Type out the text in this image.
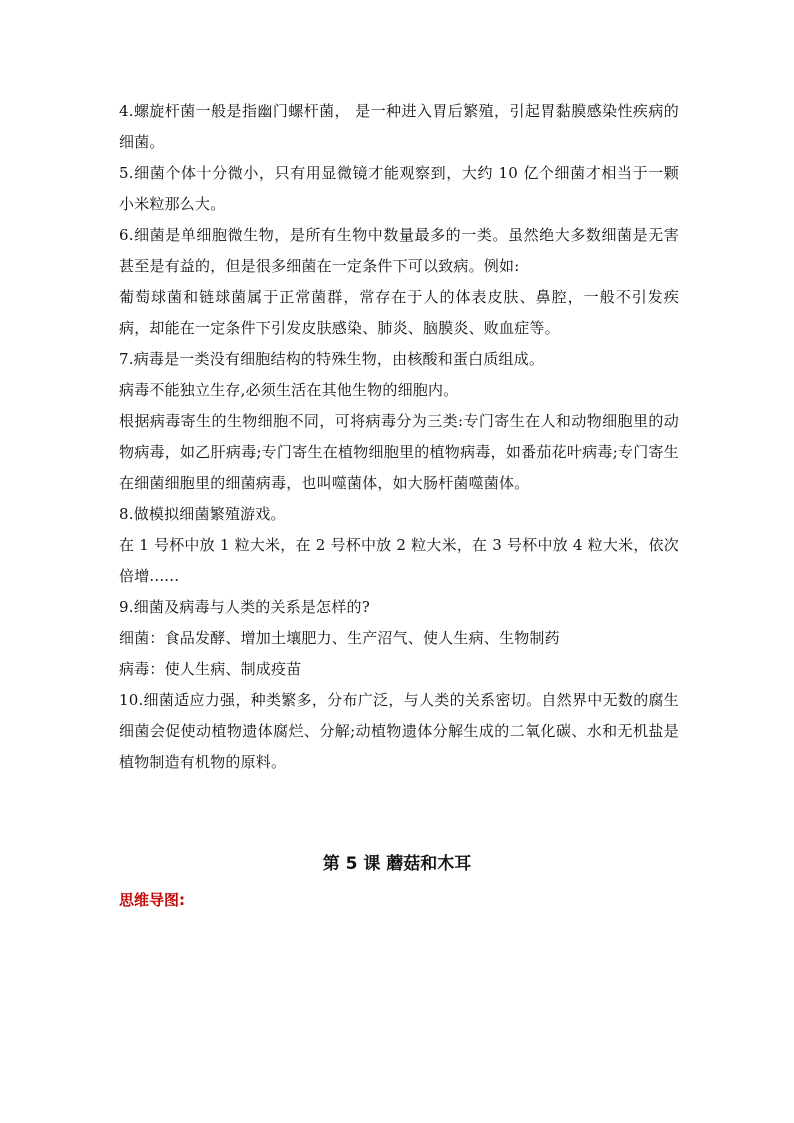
4.螺旋杆菌一般是指幽门螺杆菌， 是一种进入胃后繁殖，引起胃黏膜感染性疾病的细菌。

5.细菌个体十分微小，只有用显微镜才能观察到，大约 10 亿个细菌才相当于一颗小米粒那么大。

6.细菌是单细胞微生物，是所有生物中数量最多的一类。虽然绝大多数细菌是无害甚至是有益的，但是很多细菌在一定条件下可以致病。例如:

葡萄球菌和链球菌属于正常菌群，常存在于人的体表皮肤、鼻腔，一般不引发疾病，却能在一定条件下引发皮肤感染、肺炎、脑膜炎、败血症等。

7.病毒是一类没有细胞结构的特殊生物，由核酸和蛋白质组成。

病毒不能独立生存,必须生活在其他生物的细胞内。

根据病毒寄生的生物细胞不同，可将病毒分为三类:专门寄生在人和动物细胞里的动物病毒，如乙肝病毒;专门寄生在植物细胞里的植物病毒，如番茄花叶病毒;专门寄生在细菌细胞里的细菌病毒，也叫噬菌体，如大肠杆菌噬菌体。

8.做模拟细菌繁殖游戏。

在 1 号杯中放 1 粒大米，在 2 号杯中放 2 粒大米，在 3 号杯中放 4 粒大米，依次倍增......

9.细菌及病毒与人类的关系是怎样的?

细菌：食品发酵、增加土壤肥力、生产沼气、使人生病、生物制药

病毒：使人生病、制成疫苗

10.细菌适应力强，种类繁多，分布广泛，与人类的关系密切。自然界中无数的腐生细菌会促使动植物遗体腐烂、分解;动植物遗体分解生成的二氧化碳、水和无机盐是植物制造有机物的原料。

第 5 课 蘑菇和木耳
思维导图:
